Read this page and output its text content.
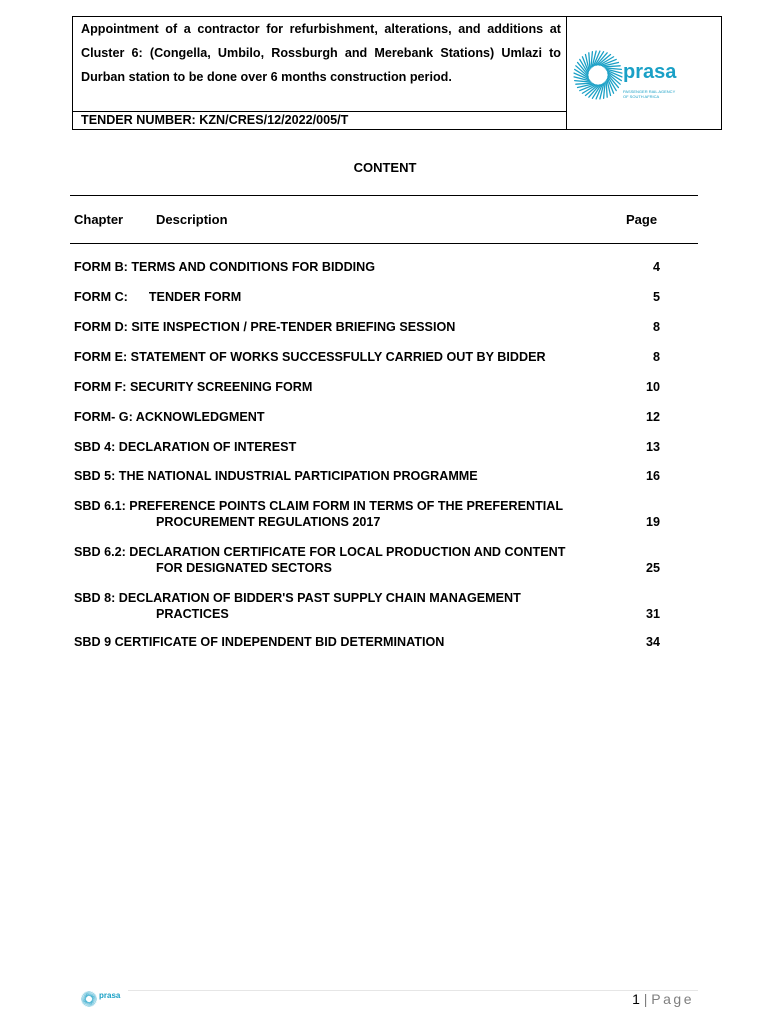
Appointment of a contractor for refurbishment, alterations, and additions at Cluster 6: (Congella, Umbilo, Rossburgh and Merebank Stations) Umlazi to Durban station to be done over 6 months construction period.
TENDER NUMBER: KZN/CRES/12/2022/005/T
prasa
PASSENGER RAIL AGENCY
OF SOUTH AFRICA
CONTENT
Chapter	Description	Page
FORM B: TERMS AND CONDITIONS FOR BIDDING	4
FORM C:      TENDER FORM	5
FORM D: SITE INSPECTION / PRE-TENDER BRIEFING SESSION	8
FORM E: STATEMENT OF WORKS SUCCESSFULLY CARRIED OUT BY BIDDER	8
FORM F: SECURITY SCREENING FORM	10
FORM- G: ACKNOWLEDGMENT	12
SBD 4: DECLARATION OF INTEREST	13
SBD 5: THE NATIONAL INDUSTRIAL PARTICIPATION PROGRAMME	16
SBD 6.1: PREFERENCE POINTS CLAIM FORM IN TERMS OF THE PREFERENTIAL
PROCUREMENT REGULATIONS 2017	19
SBD 6.2: DECLARATION CERTIFICATE FOR LOCAL PRODUCTION AND CONTENT
FOR DESIGNATED SECTORS	25
SBD 8: DECLARATION OF BIDDER'S PAST SUPPLY CHAIN MANAGEMENT
PRACTICES	31
SBD 9 CERTIFICATE OF INDEPENDENT BID DETERMINATION	34
prasa	1 | Page
